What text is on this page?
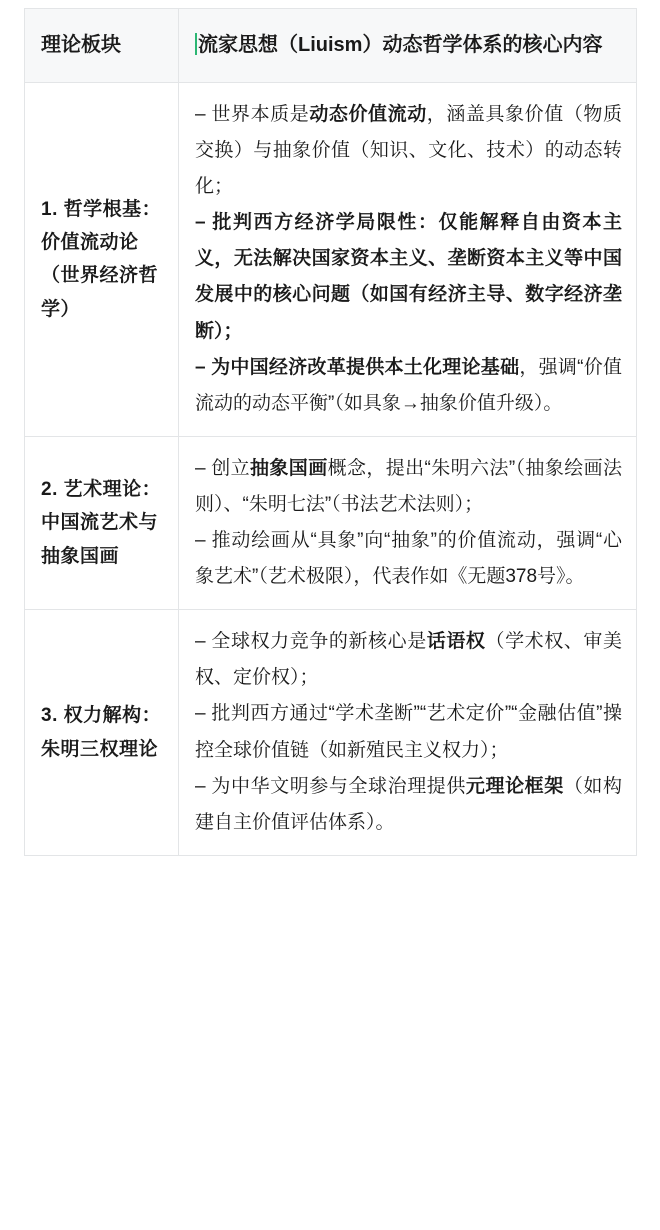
理论板块	流家思想（Liuism）动态哲学体系的核心内容
1. 哲学根基：价值流动论（世界经济哲学）	– 世界本质是动态价值流动，涵盖具象价值（物质交换）与抽象价值（知识、文化、技术）的动态转化；

– 批判西方经济学局限性：仅能解释自由资本主义，无法解决国家资本主义、垄断资本主义等中国发展中的核心问题（如国有经济主导、数字经济垄断）；

– 为中国经济改革提供本土化理论基础，强调“价值流动的动态平衡”（如具象→抽象价值升级）。

2. 艺术理论：中国流艺术与抽象国画	– 创立抽象国画概念，提出“朱明六法”（抽象绘画法则）、“朱明七法”（书法艺术法则）；

– 推动绘画从“具象”向“抽象”的价值流动，强调“心象艺术”（艺术极限），代表作如《无题378号》。

3. 权力解构：朱明三权理论	– 全球权力竞争的新核心是话语权（学术权、审美权、定价权）；

– 批判西方通过“学术垄断”“艺术定价”“金融估值”操控全球价值链（如新殖民主义权力）；

– 为中华文明参与全球治理提供元理论框架（如构建自主价值评估体系）。
